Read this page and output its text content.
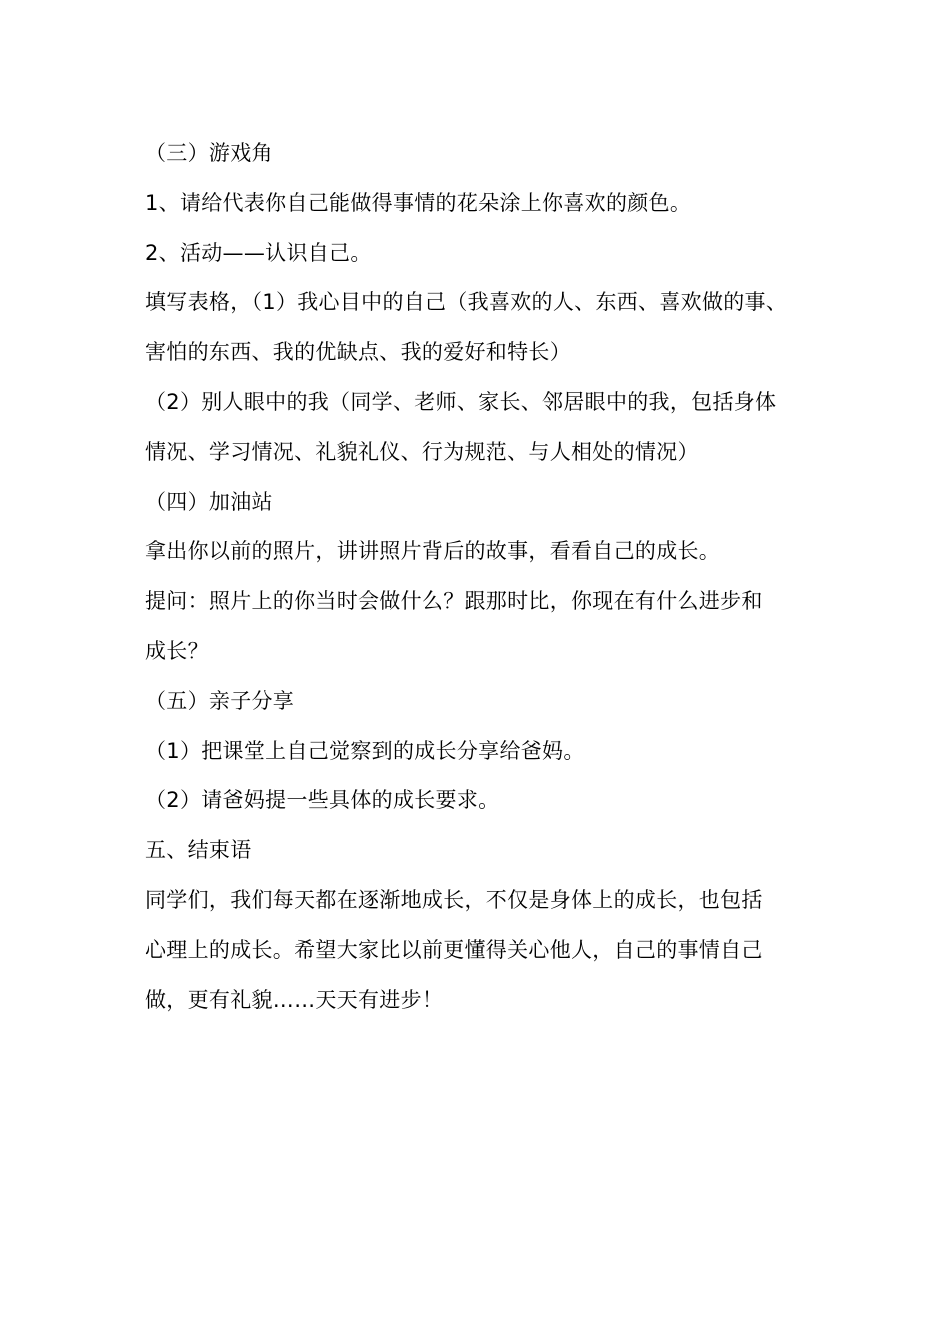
（三）游戏角
1、请给代表你自己能做得事情的花朵涂上你喜欢的颜色。
2、活动——认识自己。
填写表格，（1）我心目中的自己（我喜欢的人、东西、喜欢做的事、
害怕的东西、我的优缺点、我的爱好和特长）
（2）别人眼中的我（同学、老师、家长、邻居眼中的我，包括身体
情况、学习情况、礼貌礼仪、行为规范、与人相处的情况）
（四）加油站
拿出你以前的照片，讲讲照片背后的故事，看看自己的成长。
提问：照片上的你当时会做什么？跟那时比，你现在有什么进步和
成长？
（五）亲子分享
（1）把课堂上自己觉察到的成长分享给爸妈。
（2）请爸妈提一些具体的成长要求。
五、结束语
同学们，我们每天都在逐渐地成长，不仅是身体上的成长，也包括
心理上的成长。希望大家比以前更懂得关心他人，自己的事情自己
做，更有礼貌……天天有进步！
